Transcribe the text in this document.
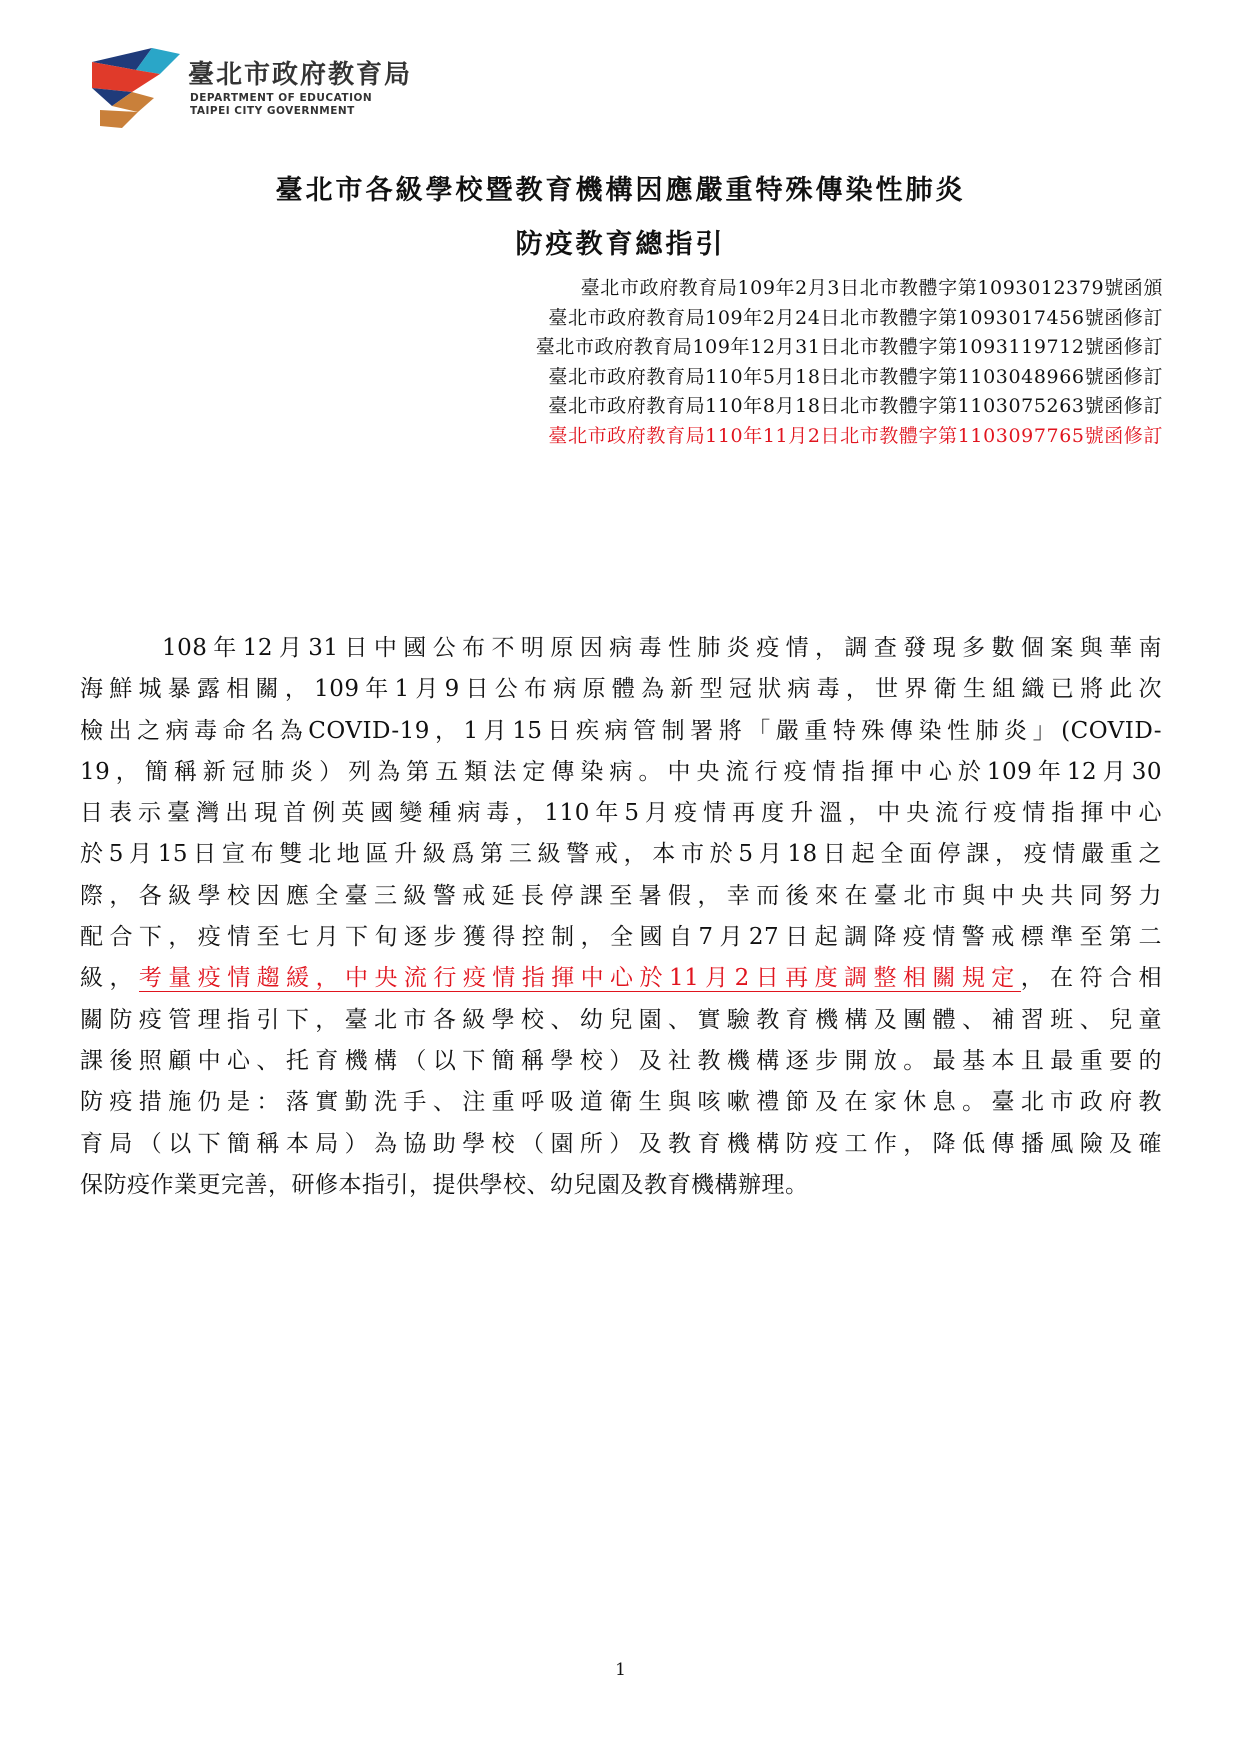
臺北市政府教育局
DEPARTMENT OF EDUCATION
TAIPEI CITY GOVERNMENT
臺北市各級學校暨教育機構因應嚴重特殊傳染性肺炎
防疫教育總指引
臺北市政府教育局109年2月3日北市教體字第1093012379號函頒
臺北市政府教育局109年2月24日北市教體字第1093017456號函修訂
臺北市政府教育局109年12月31日北市教體字第1093119712號函修訂
臺北市政府教育局110年5月18日北市教體字第1103048966號函修訂
臺北市政府教育局110年8月18日北市教體字第1103075263號函修訂
臺北市政府教育局110年11月2日北市教體字第1103097765號函修訂
108年12月31日中國公布不明原因病毒性肺炎疫情，調查發現多數個案與華南
海鮮城暴露相關，109年1月9日公布病原體為新型冠狀病毒，世界衛生組織已將此次
檢出之病毒命名為COVID-19，1月15日疾病管制署將「嚴重特殊傳染性肺炎」(COVID-
19，簡稱新冠肺炎）列為第五類法定傳染病。中央流行疫情指揮中心於109年12月30
日表示臺灣出現首例英國變種病毒，110年5月疫情再度升溫，中央流行疫情指揮中心
於5月15日宣布雙北地區升級爲第三級警戒，本市於5月18日起全面停課，疫情嚴重之
際，各級學校因應全臺三級警戒延長停課至暑假，幸而後來在臺北市與中央共同努力
配合下，疫情至七月下旬逐步獲得控制，全國自7月27日起調降疫情警戒標準至第二
級，考量疫情趨緩，中央流行疫情指揮中心於11月2日再度調整相關規定，在符合相
關防疫管理指引下，臺北市各級學校、幼兒園、實驗教育機構及團體、補習班、兒童
課後照顧中心、托育機構（以下簡稱學校）及社教機構逐步開放。最基本且最重要的
防疫措施仍是：落實勤洗手、注重呼吸道衛生與咳嗽禮節及在家休息。臺北市政府教
育局（以下簡稱本局）為協助學校（園所）及教育機構防疫工作，降低傳播風險及確
保防疫作業更完善，研修本指引，提供學校、幼兒園及教育機構辦理。
1
